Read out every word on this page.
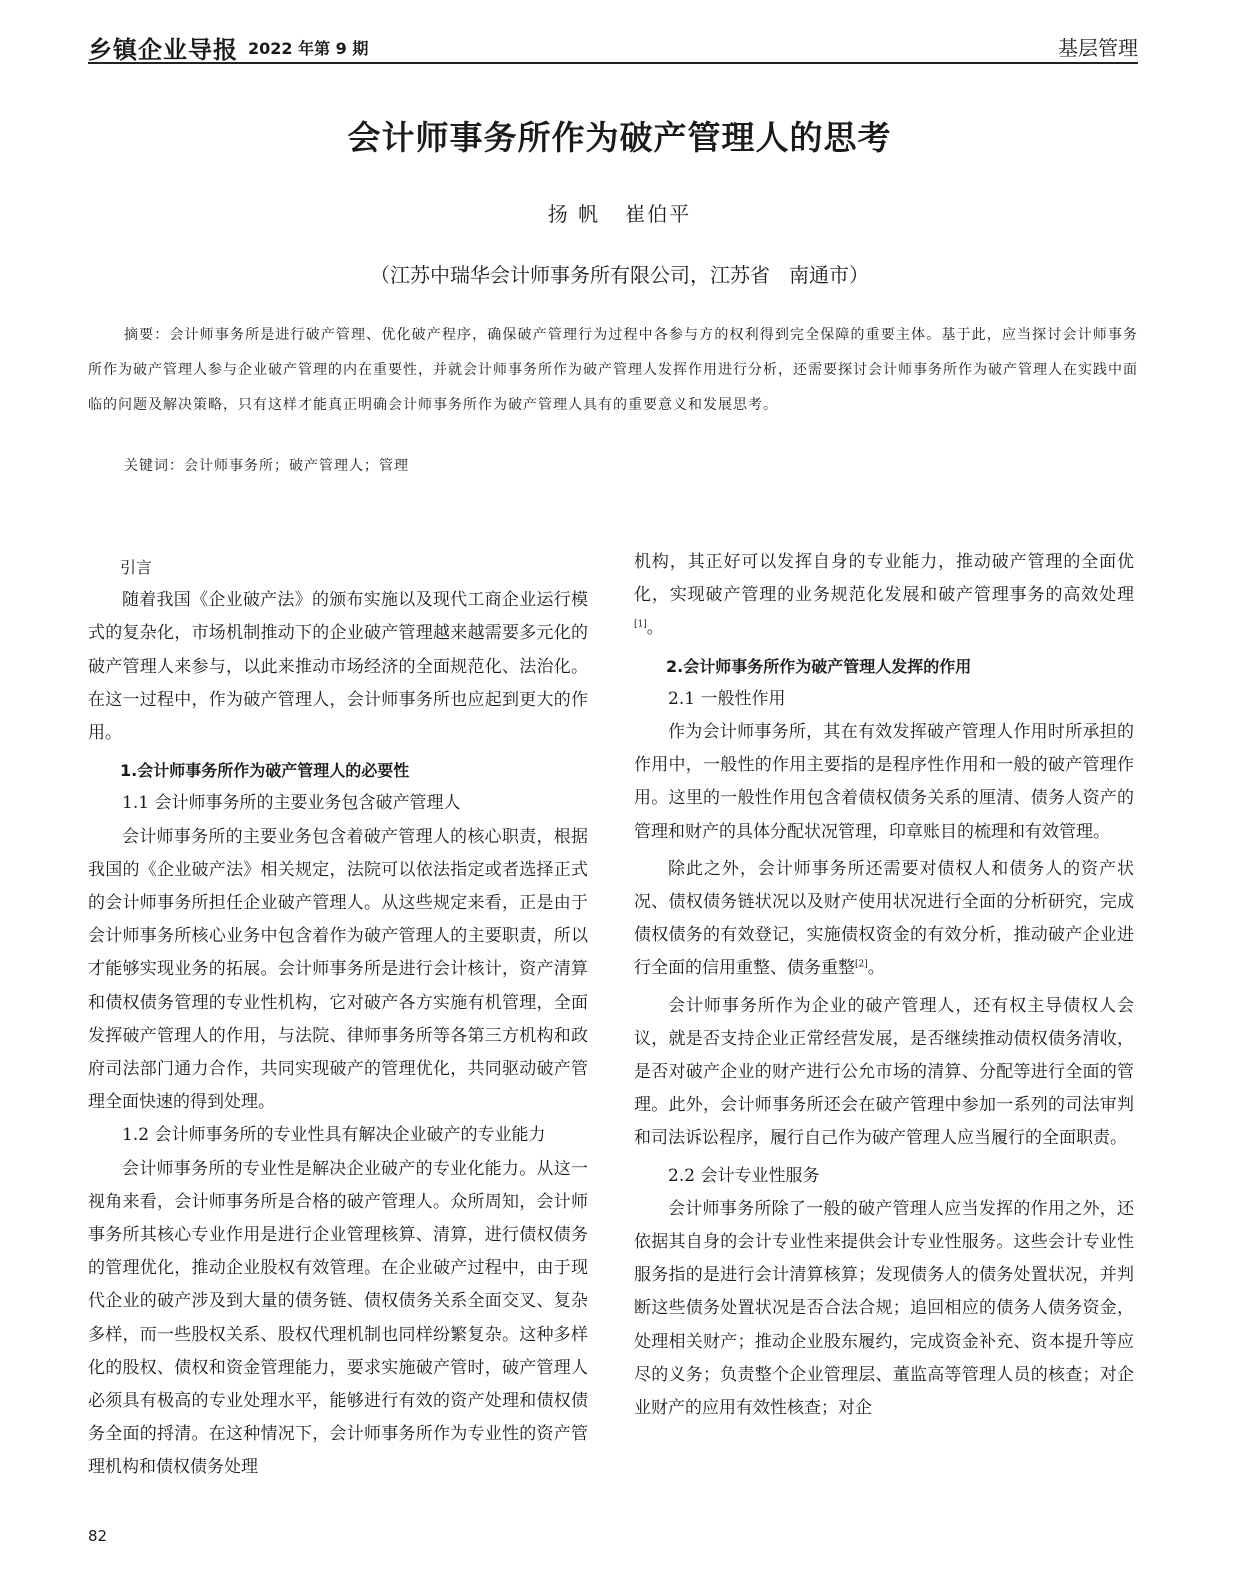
乡镇企业导报 2022 年第 9 期	基层管理
会计师事务所作为破产管理人的思考
扬 帆   崔伯平
（江苏中瑞华会计师事务所有限公司，江苏省   南通市）
摘要：会计师事务所是进行破产管理、优化破产程序，确保破产管理行为过程中各参与方的权利得到完全保障的重要主体。基于此，应当探讨会计师事务所作为破产管理人参与企业破产管理的内在重要性，并就会计师事务所作为破产管理人发挥作用进行分析，还需要探讨会计师事务所作为破产管理人在实践中面临的问题及解决策略，只有这样才能真正明确会计师事务所作为破产管理人具有的重要意义和发展思考。
关键词：会计师事务所；破产管理人；管理
引言

随着我国《企业破产法》的颁布实施以及现代工商企业运行模式的复杂化，市场机制推动下的企业破产管理越来越需要多元化的破产管理人来参与，以此来推动市场经济的全面规范化、法治化。在这一过程中，作为破产管理人，会计师事务所也应起到更大的作用。

1.会计师事务所作为破产管理人的必要性
1.1 会计师事务所的主要业务包含破产管理人

会计师事务所的主要业务包含着破产管理人的核心职责，根据我国的《企业破产法》相关规定，法院可以依法指定或者选择正式的会计师事务所担任企业破产管理人。从这些规定来看，正是由于会计师事务所核心业务中包含着作为破产管理人的主要职责，所以才能够实现业务的拓展。会计师事务所是进行会计核计，资产清算和债权债务管理的专业性机构，它对破产各方实施有机管理，全面发挥破产管理人的作用，与法院、律师事务所等各第三方机构和政府司法部门通力合作，共同实现破产的管理优化，共同驱动破产管理全面快速的得到处理。

1.2 会计师事务所的专业性具有解决企业破产的专业能力

会计师事务所的专业性是解决企业破产的专业化能力。从这一视角来看，会计师事务所是合格的破产管理人。众所周知，会计师事务所其核心专业作用是进行企业管理核算、清算，进行债权债务的管理优化，推动企业股权有效管理。在企业破产过程中，由于现代企业的破产涉及到大量的债务链、债权债务关系全面交叉、复杂多样，而一些股权关系、股权代理机制也同样纷繁复杂。这种多样化的股权、债权和资金管理能力，要求实施破产管时，破产管理人必须具有极高的专业处理水平，能够进行有效的资产处理和债权债务全面的捋清。在这种情况下，会计师事务所作为专业性的资产管理机构和债权债务处理

机构，其正好可以发挥自身的专业能力，推动破产管理的全面优化，实现破产管理的业务规范化发展和破产管理事务的高效处理[1]。

2.会计师事务所作为破产管理人发挥的作用
2.1 一般性作用

作为会计师事务所，其在有效发挥破产管理人作用时所承担的作用中，一般性的作用主要指的是程序性作用和一般的破产管理作用。这里的一般性作用包含着债权债务关系的厘清、债务人资产的管理和财产的具体分配状况管理，印章账目的梳理和有效管理。

除此之外，会计师事务所还需要对债权人和债务人的资产状况、债权债务链状况以及财产使用状况进行全面的分析研究，完成债权债务的有效登记，实施债权资金的有效分析，推动破产企业进行全面的信用重整、债务重整[2]。

会计师事务所作为企业的破产管理人，还有权主导债权人会议，就是否支持企业正常经营发展，是否继续推动债权债务清收，是否对破产企业的财产进行公允市场的清算、分配等进行全面的管理。此外，会计师事务所还会在破产管理中参加一系列的司法审判和司法诉讼程序，履行自己作为破产管理人应当履行的全面职责。

2.2 会计专业性服务

会计师事务所除了一般的破产管理人应当发挥的作用之外，还依据其自身的会计专业性来提供会计专业性服务。这些会计专业性服务指的是进行会计清算核算；发现债务人的债务处置状况，并判断这些债务处置状况是否合法合规；追回相应的债务人债务资金，处理相关财产；推动企业股东履约，完成资金补充、资本提升等应尽的义务；负责整个企业管理层、董监高等管理人员的核查；对企业财产的应用有效性核查；对企

82
